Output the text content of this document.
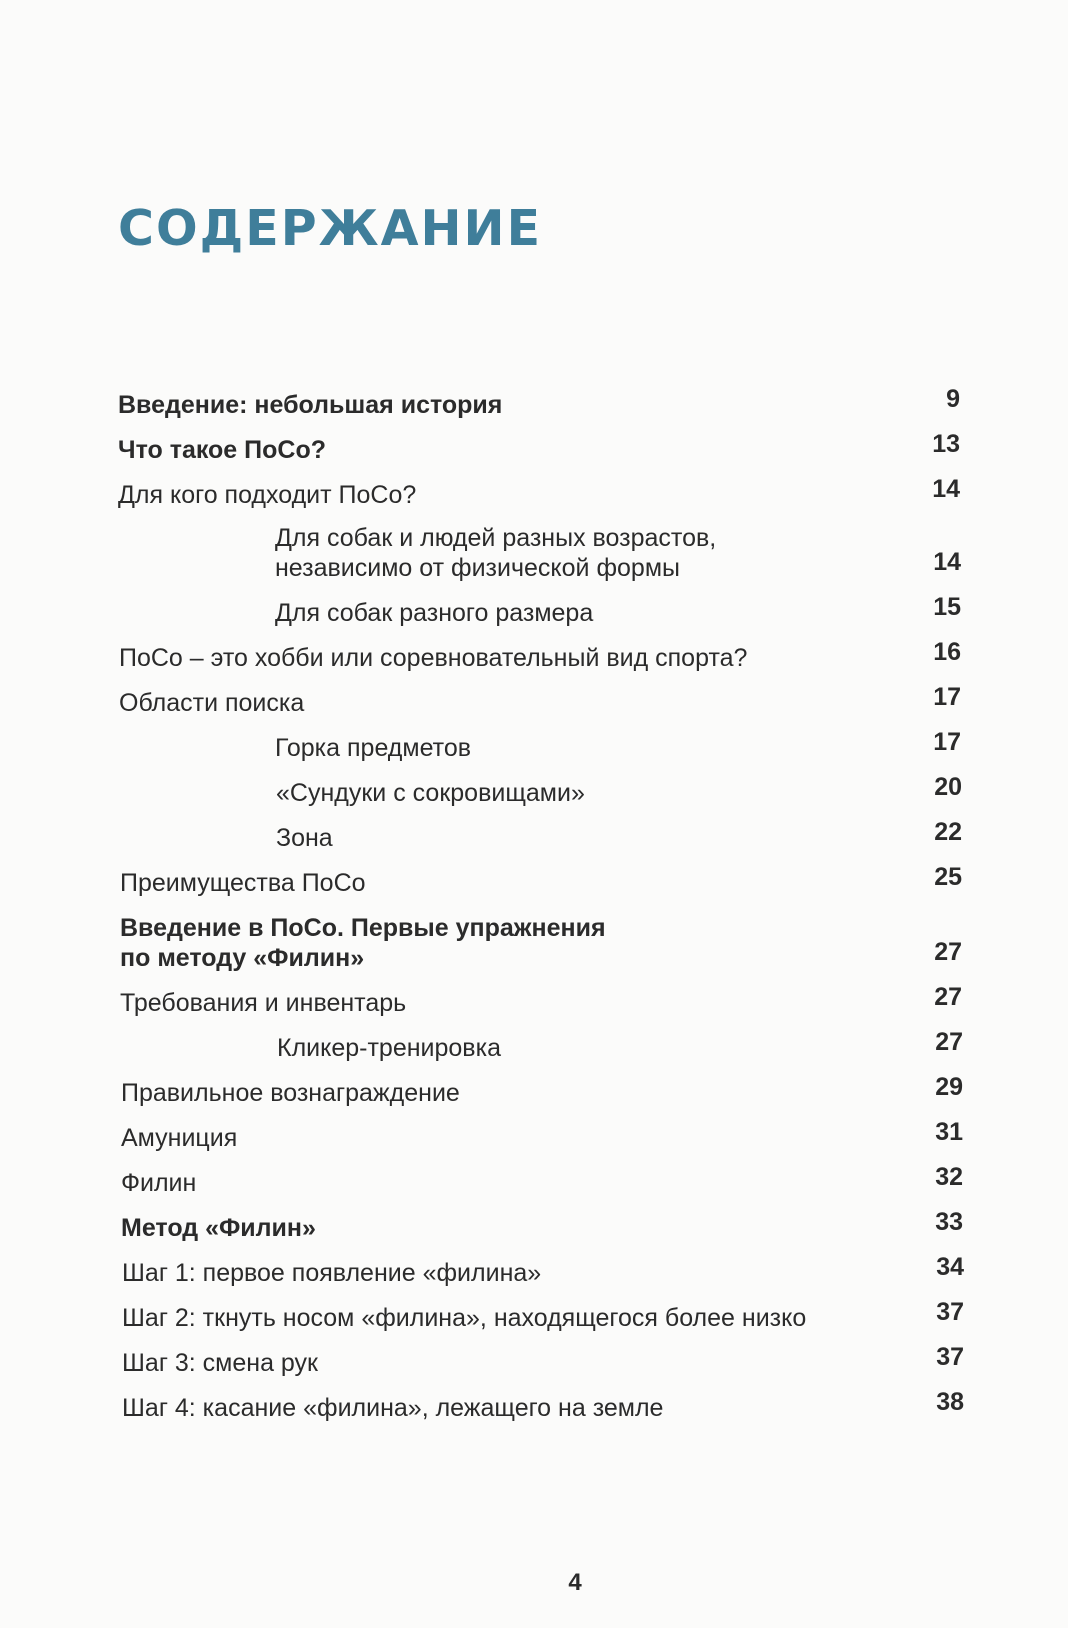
СОДЕРЖАНИЕ
Введение: небольшая история	9
Что такое ПоСо?	13
Для кого подходит ПоСо?	14
Для собак и людей разных возрастов,
независимо от физической формы	14
Для собак разного размера	15
ПоСо – это хобби или соревновательный вид спорта?	16
Области поиска	17
Горка предметов	17
«Сундуки с сокровищами»	20
Зона	22
Преимущества ПоСо	25
Введение в ПоСо. Первые упражнения
по методу «Филин»	27
Требования и инвентарь	27
Кликер-тренировка	27
Правильное вознаграждение	29
Амуниция	31
Филин	32
Метод «Филин»	33
Шаг 1: первое появление «филина»	34
Шаг 2: ткнуть носом «филина», находящегося более низко	37
Шаг 3: смена рук	37
Шаг 4: касание «филина», лежащего на земле	38
4
